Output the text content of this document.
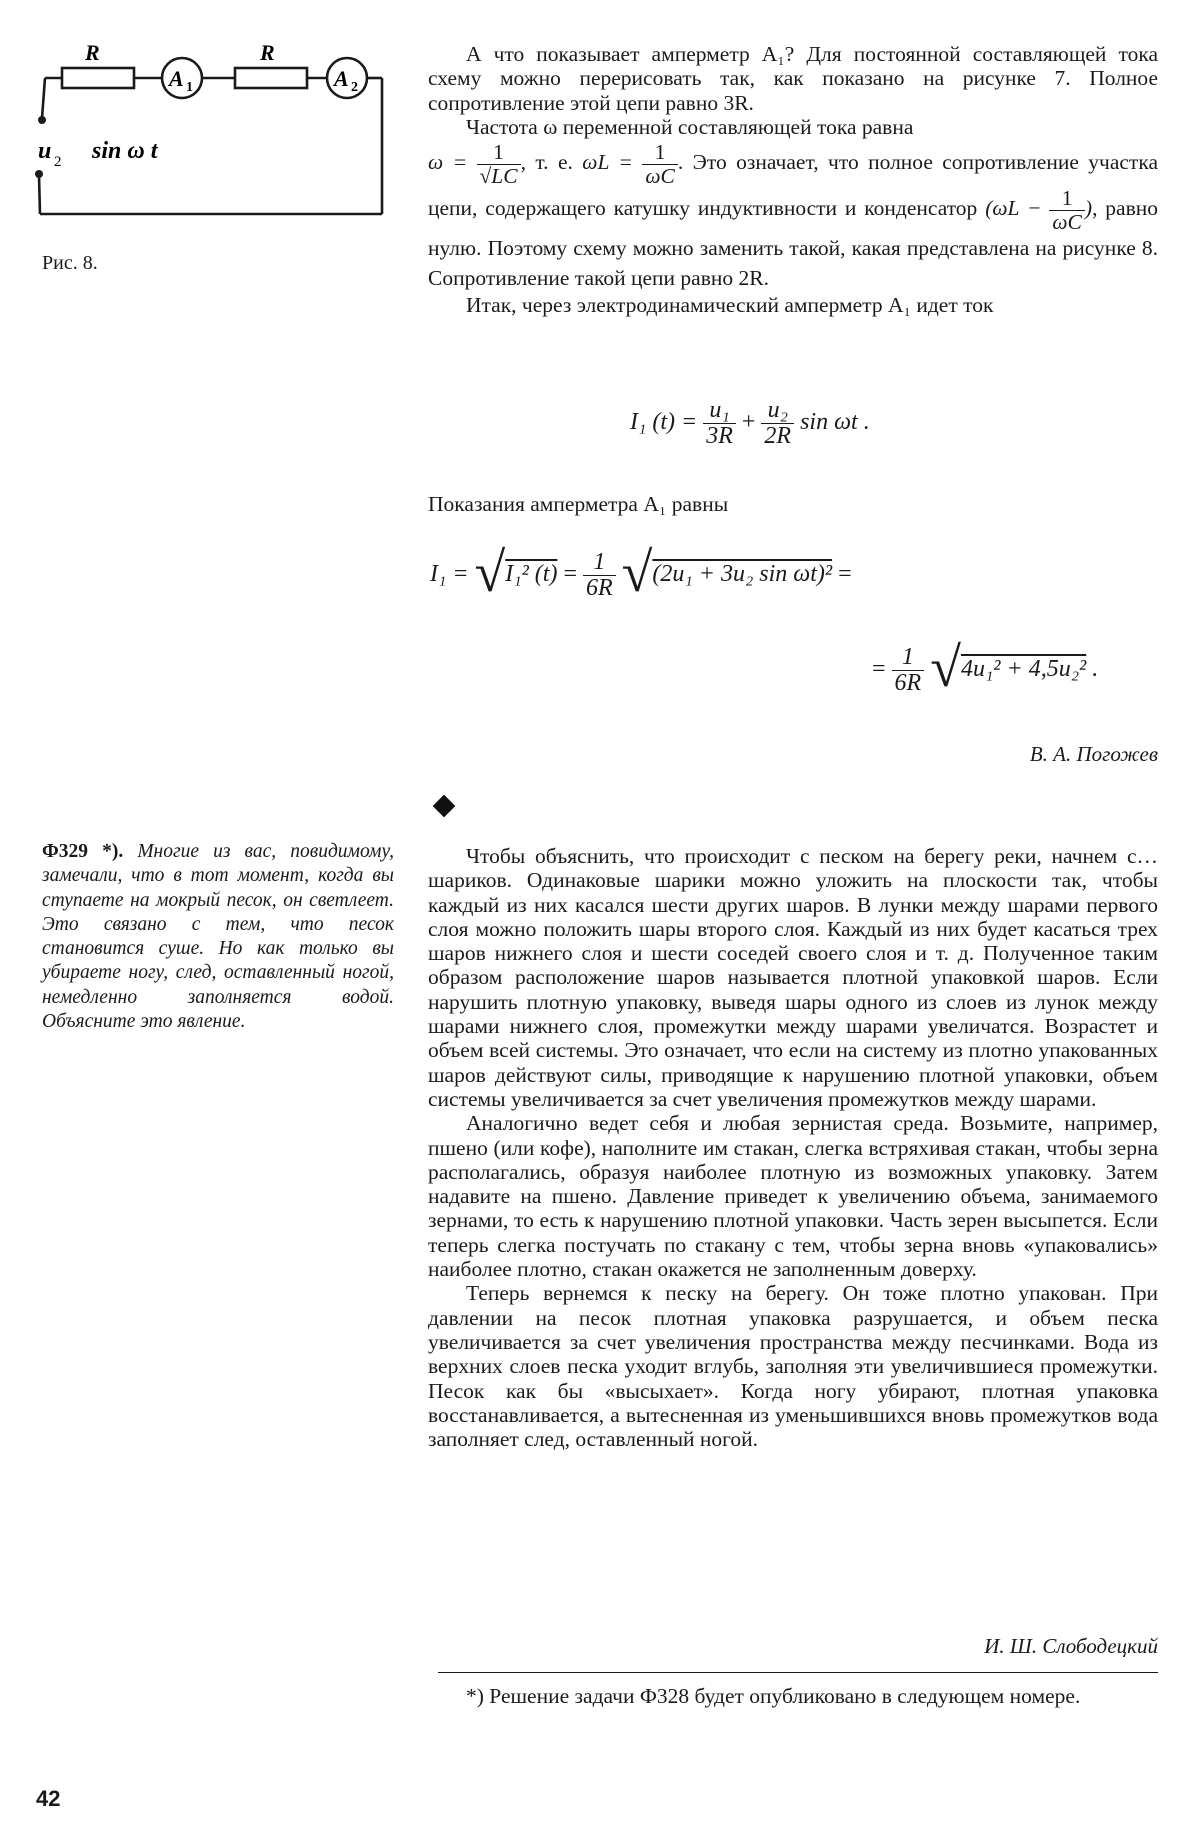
R	R
A 1	A 2
u 2 sin ω t
Рис. 8.

А что показывает амперметр A₁? Для постоянной составляющей тока схему можно перерисовать так, как показано на рисунке 7. Полное сопротивление этой цепи равно 3R.

Частота ω переменной составляющей тока равна

$\omega = \frac{1}{√LC}$ , т. е. $\omega L = \frac{1}{\omega C}$ . Это означает, что полное сопротивление участка цепи, содержащего катушку индуктивности и конденсатор ($\omega L - \frac{1}{\omega C}$ ), равно нулю. Поэтому схему можно заменить такой, какая представлена на рисунке 8. Сопротивление такой цепи равно 2R.

Итак, через электродинамический амперметр A₁ идет ток

I₁ $(t) = \frac{\text{u₁}}{3R} + \frac{\text{u₂}}{2R}$ sin ωt .
Показания амперметра A₁ равны
I₁ = √I₁² $(t) = \frac{1}{6R} √(2u_1 + 3u_2$ sin ωt)² =
= $\frac{1}{6R} √4u_1^2 + 4,5u_2^2$ .
В. А. Погожев
Ф329 *). Многие из вас, повидимому, замечали, что в тот момент, когда вы ступаете на мокрый песок, он светлеет. Это связано с тем, что песок становится суше. Но как только вы убираете ногу, след, оставленный ногой, немедленно заполняется водой. Объясните это явление.

Чтобы объяснить, что происходит с песком на берегу реки, начнем с… шариков. Одинаковые шарики можно уложить на плоскости так, чтобы каждый из них касался шести других шаров. В лунки между шарами первого слоя можно положить шары второго слоя. Каждый из них будет касаться трех шаров нижнего слоя и шести соседей своего слоя и т. д. Полученное таким образом расположение шаров называется плотной упаковкой шаров. Если нарушить плотную упаковку, выведя шары одного из слоев из лунок между шарами нижнего слоя, промежутки между шарами увеличатся. Возрастет и объем всей системы. Это означает, что если на систему из плотно упакованных шаров действуют силы, приводящие к нарушению плотной упаковки, объем системы увеличивается за счет увеличения промежутков между шарами.

Аналогично ведет себя и любая зернистая среда. Возьмите, например, пшено (или кофе), наполните им стакан, слегка встряхивая стакан, чтобы зерна располагались, образуя наиболее плотную из возможных упаковку. Затем надавите на пшено. Давление приведет к увеличению объема, занимаемого зернами, то есть к нарушению плотной упаковки. Часть зерен высыпется. Если теперь слегка постучать по стакану с тем, чтобы зерна вновь «упаковались» наиболее плотно, стакан окажется не заполненным доверху.

Теперь вернемся к песку на берегу. Он тоже плотно упакован. При давлении на песок плотная упаковка разрушается, и объем песка увеличивается за счет увеличения пространства между песчинками. Вода из верхних слоев песка уходит вглубь, заполняя эти увеличившиеся промежутки. Песок как бы «высыхает». Когда ногу убирают, плотная упаковка восстанавливается, а вытесненная из уменьшившихся вновь промежутков вода заполняет след, оставленный ногой.

И. Ш. Слободецкий

*) Решение задачи Ф328 будет опубликовано в следующем номере.

42
